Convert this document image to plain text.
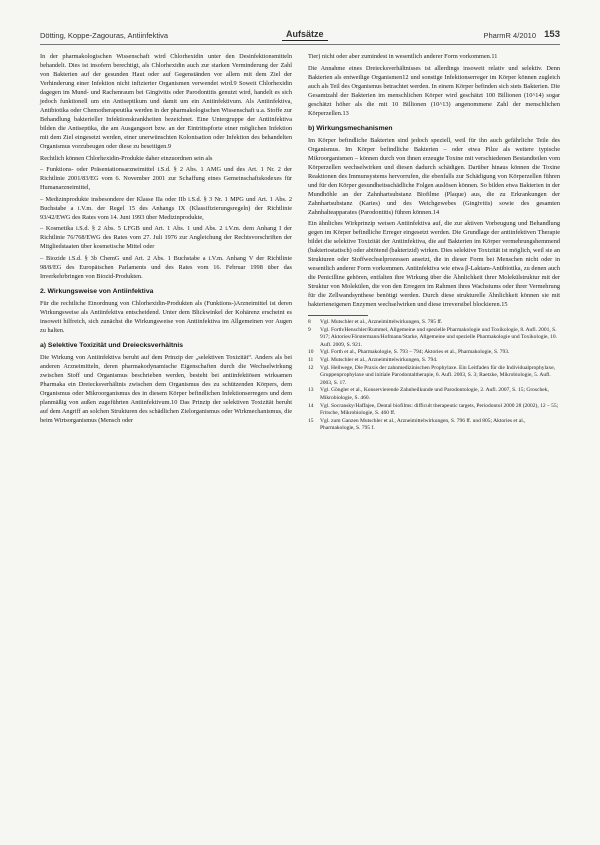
Dötting, Koppe-Zagouras, Antiinfektiva	Aufsätze	PharmR 4/2010 153

In der pharmakologischen Wissenschaft wird Chlorhexidin unter den Desinfektionsmitteln behandelt. Dies ist insofern berechtigt, als Chlorhexidin auch zur starken Verminderung der Zahl von Bakterien auf der gesunden Haut oder auf Gegenständen vor allem mit dem Ziel der Verhinderung einer Infektion nicht infizierter Organismen verwendet wird.9 Soweit Chlorhexidin dagegen im Mund- und Rachenraum bei Gingivitis oder Parodontitis genutzt wird, handelt es sich jedoch funktionell um ein Antiseptikum und damit um ein Antiinfektivum. Als Antiinfektiva, Antibiotika oder Chemotherapeutika werden in der pharmakologischen Wissenschaft u.a. Stoffe zur Behandlung bakterieller Infektionskrankheiten bezeichnet. Eine Untergruppe der Antiinfektiva bilden die Antiseptika, die am Ausgangsort bzw. an der Eintrittspforte einer möglichen Infektion mit dem Ziel eingesetzt werden, einer unerwünschten Kolonisation oder Infektion des behandelten Organismus vorzubeugen oder diese zu beseitigen.9

Rechtlich können Chlorhexidin-Produkte daher einzuordnen sein als

– Funktions- oder Präsentationsarzneimittel i.S.d. § 2 Abs. 1 AMG und des Art. 1 Nr. 2 der Richtlinie 2001/83/EG vom 6. November 2001 zur Schaffung eines Gemeinschaftskodexes für Humanarzneimittel,

– Medizinprodukte insbesondere der Klasse IIa oder IIb i.S.d. § 3 Nr. 1 MPG und Art. 1 Abs. 2 Buchstabe a i.V.m. der Regel 15 des Anhangs IX (Klassifizierungsregeln) der Richtlinie 93/42/EWG des Rates vom 14. Juni 1993 über Medizinprodukte,

– Kosmetika i.S.d. § 2 Abs. 5 LFGB und Art. 1 Abs. 1 und Abs. 2 i.V.m. dem Anhang I der Richtlinie 76/768/EWG des Rates vom 27. Juli 1976 zur Angleichung der Rechtsvorschriften der Mitgliedstaaten über kosmetische Mittel oder

– Biozide i.S.d. § 3b ChemG und Art. 2 Abs. 1 Buchstabe a i.V.m. Anhang V der Richtlinie 98/8/EG des Europäischen Parlaments und des Rates vom 16. Februar 1998 über das Inverkehrbringen von Biozid-Produkten.

2. Wirkungsweise von Antiinfektiva

Für die rechtliche Einordnung von Chlorhexidin-Produkten als (Funktions-)Arzneimittel ist deren Wirkungsweise als Antiinfektiva entscheidend. Unter dem Blickwinkel der Kohärenz erscheint es insoweit hilfreich, sich zunächst die Wirkungsweise von Antiinfektiva im Allgemeinen vor Augen zu halten.

a) Selektive Toxizität und Dreiecksverhältnis

Die Wirkung von Antiinfektiva beruht auf dem Prinzip der „selektiven Toxizität“. Anders als bei anderen Arzneimitteln, deren pharmakodynamische Eigenschaften durch die Wechselwirkung zwischen Stoff und Organismus beschrieben werden, besteht bei antiinfektiösen wirksamen Pharmaka ein Dreiecksverhältnis zwischen dem Organismus des zu schützenden Körpers, dem Organismus oder Mikroorganismus des in diesem Körper befindlichen Infektionserregers und dem planmäßig von außen zugeführten Antiinfektivum.10 Das Prinzip der selektiven Toxizität beruht auf dem Angriff an solchen Strukturen des schädlichen Zielorganismus oder Wirkmechanismus, die beim Wirtsorganismus (Mensch oder

Tier) nicht oder aber zumindest in wesentlich anderer Form vorkommen.11

Die Annahme eines Dreiecksverhältnisses ist allerdings insoweit relativ und selektiv. Denn Bakterien als entweilige Organismen12 und sonstige Infektionserreger im Körper können zugleich auch als Teil des Organismus betrachtet werden. In einem Körper befinden sich stets Bakterien. Die Gesamtzahl der Bakterien im menschlichen Körper wird geschätzt 100 Billionen (10^14) sogar geschätzt höher als die mit 10 Billionen (10^13) angenommene Zahl der menschlichen Körperzellen.13

b) Wirkungsmechanismen

Im Körper befindliche Bakterien sind jedoch speziell, weil für ihn auch gefährliche Teile des Organismus. Im Körper befindliche Bakterien – oder etwa Pilze als weitere typische Mikroorganismen – können durch von ihnen erzeugte Toxine mit verschiedenen Bestandteilen vom Körperzellen wechselwirken und diesen dadurch schädigen. Darüber hinaus können die Toxine Reaktionen des Immunsystems hervorrufen, die ebenfalls zur Schädigung von Körperzellen führen und für den Körper gesundheitsschädliche Folgen auslösen können. So bilden etwa Bakterien in der Mundhöhle an der Zahnhartsubstanz Biofilme (Plaque) aus, die zu Erkrankungen der Zahnhartsubstanz (Karies) und des Weichgewebes (Gingivitis) sowie des gesamten Zahnhalteapparates (Parodontitis) führen können.14

Ein ähnliches Wirkprinzip weisen Antiinfektiva auf, die zur aktiven Vorbeugung und Behandlung gegen im Körper befindliche Erreger eingesetzt werden. Die Grundlage der antiinfektiven Therapie bildet die selektive Toxizität der Antiinfektiva, die auf Bakterien im Körper vermehrungshemmend (bakteriostatisch) oder abtötend (bakterizid) wirken. Dies selektive Toxizität ist möglich, weil sie an Strukturen oder Stoffwechselprozessen ansetzt, die in dieser Form bei Menschen nicht oder in wesentlich anderer Form vorkommen. Antiinfektiva wie etwa β-Laktam-Antibiotika, zu denen auch die Penicilline gehören, entfalten ihre Wirkung über die Ähnlichkeit ihrer Molekülstruktur mit der Struktur von Molekülen, die von den Erregern im Rahmen ihres Wachstums oder ihrer Vermehrung für die Zellwandsynthese benötigt werden. Durch diese strukturelle Ähnlichkeit können sie mit bakterieneigenen Enzymen wechselwirken und diese irreversibel blockieren.15

8	Vgl. Mutschler et al., Arzneimittelwirkungen, S. 785 ff.
9	Vgl. Forth/Henschler/Rummel, Allgemeine und spezielle Pharmakologie und Toxikologie, 8. Aufl. 2001, S. 917; Aktories/Förstermann/Hofmann/Starke, Allgemeine und spezielle Pharmakologie und Toxikologie, 10. Aufl. 2009, S. 921.
10	Vgl. Forth et al., Pharmakologie, S. 793 – 794; Aktories et al., Pharmakologie, S. 793.
11	Vgl. Mutschler et al., Arzneimittelwirkungen, S. 794.
12	Vgl. Hellwege, Die Praxis der zahnmedizinischen Prophylaxe. Ein Leitfaden für die Individualprophylaxe, Gruppenprophylaxe und initiale Parodontaltherapie, 6. Aufl. 2003, S. 3; Raetzke, Mikrobiologie, 5. Aufl. 2003, S. 17.
13	Vgl. Göngler et al., Konservierende Zahnheilkunde und Parodontologie, 2. Aufl. 2007, S. 15; Groschek, Mikrobiologie, S. 460.
14	Vgl. Socransky/Haffajee, Dental biofilms: difficult therapeutic targets, Periodontol 2000 28 (2002), 12 – 55; Fritsche, Mikrobiologie, S. 460 ff.
15	Vgl. zum Ganzen Mutschler et al., Arzneimittelwirkungen, S. 796 ff. und 805; Aktories et al., Pharmakologie, S. 795 f.
